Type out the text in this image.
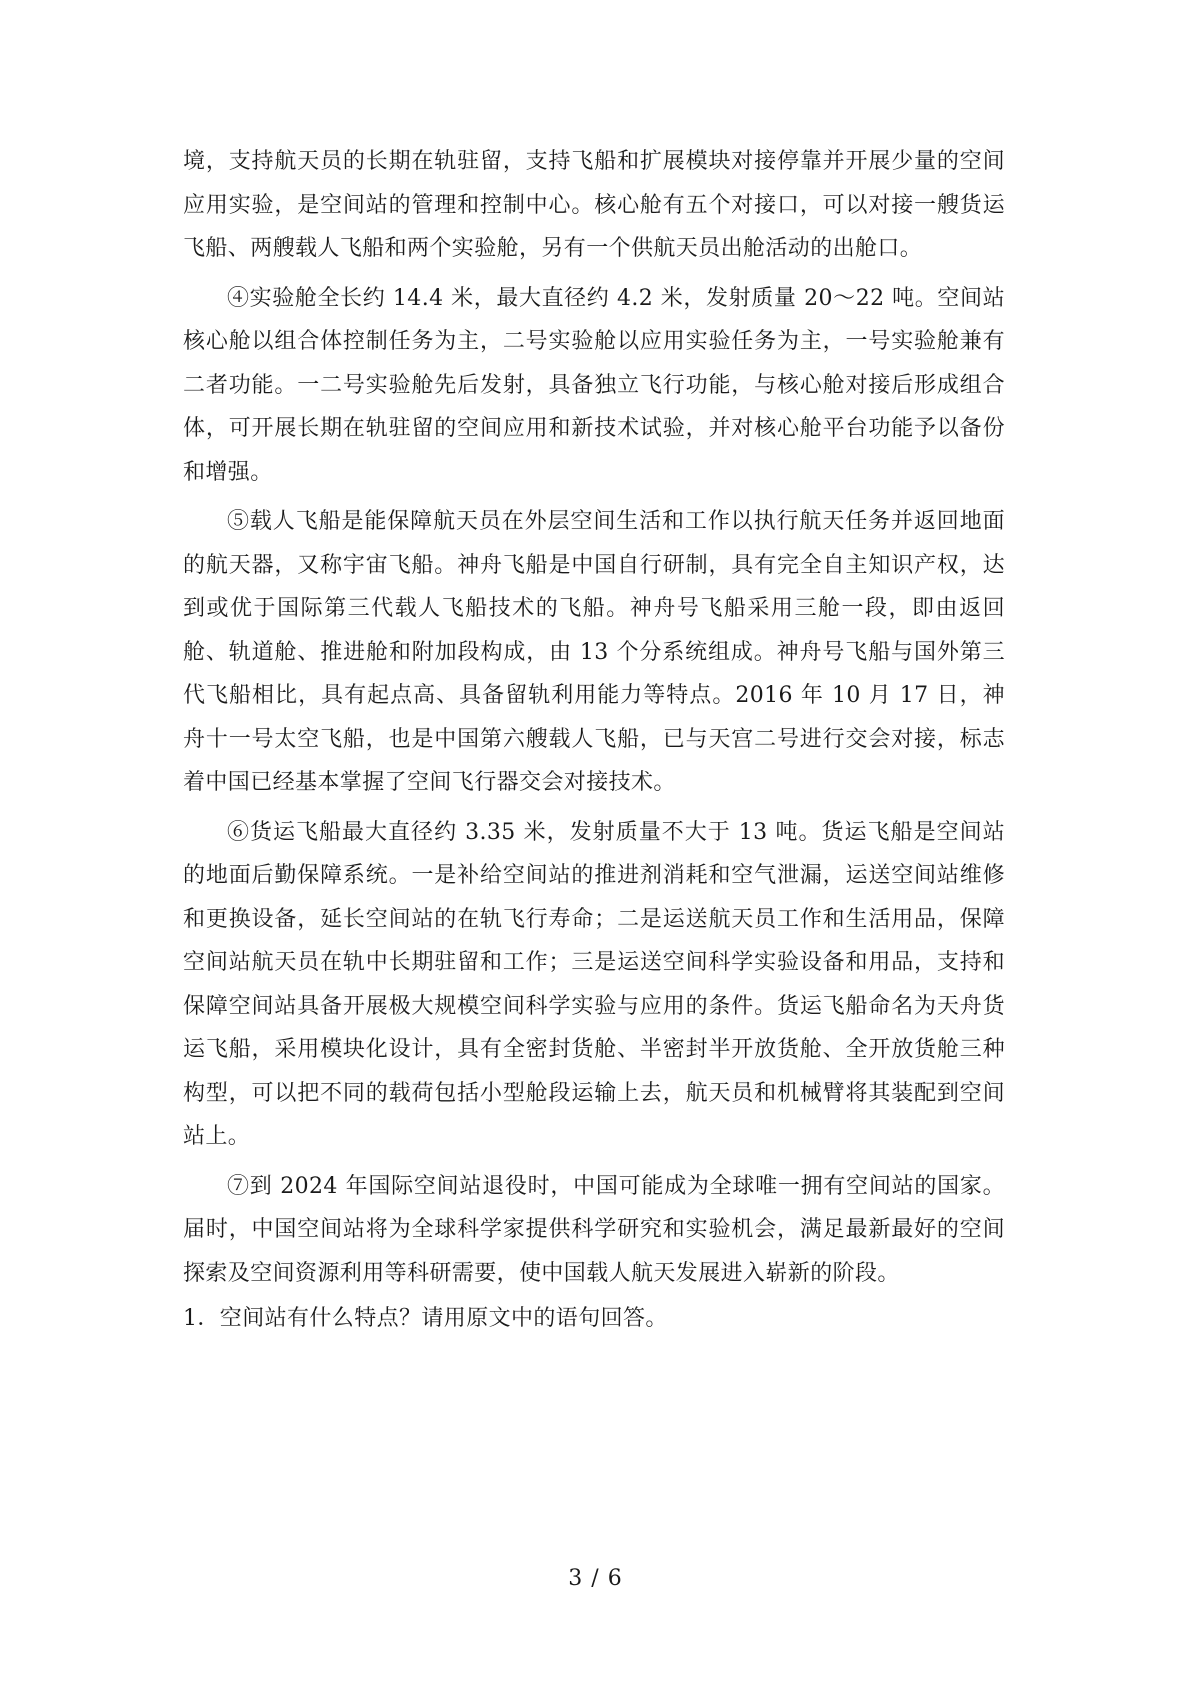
境，支持航天员的长期在轨驻留，支持飞船和扩展模块对接停靠并开展少量的空间应用实验，是空间站的管理和控制中心。核心舱有五个对接口，可以对接一艘货运飞船、两艘载人飞船和两个实验舱，另有一个供航天员出舱活动的出舱口。

④实验舱全长约 14.4 米，最大直径约 4.2 米，发射质量 20～22 吨。空间站核心舱以组合体控制任务为主，二号实验舱以应用实验任务为主，一号实验舱兼有二者功能。一二号实验舱先后发射，具备独立飞行功能，与核心舱对接后形成组合体，可开展长期在轨驻留的空间应用和新技术试验，并对核心舱平台功能予以备份和增强。

⑤载人飞船是能保障航天员在外层空间生活和工作以执行航天任务并返回地面的航天器，又称宇宙飞船。神舟飞船是中国自行研制，具有完全自主知识产权，达到或优于国际第三代载人飞船技术的飞船。神舟号飞船采用三舱一段，即由返回舱、轨道舱、推进舱和附加段构成，由 13 个分系统组成。神舟号飞船与国外第三代飞船相比，具有起点高、具备留轨利用能力等特点。2016 年 10 月 17 日，神舟十一号太空飞船，也是中国第六艘载人飞船，已与天宫二号进行交会对接，标志着中国已经基本掌握了空间飞行器交会对接技术。

⑥货运飞船最大直径约 3.35 米，发射质量不大于 13 吨。货运飞船是空间站的地面后勤保障系统。一是补给空间站的推进剂消耗和空气泄漏，运送空间站维修和更换设备，延长空间站的在轨飞行寿命；二是运送航天员工作和生活用品，保障空间站航天员在轨中长期驻留和工作；三是运送空间科学实验设备和用品，支持和保障空间站具备开展极大规模空间科学实验与应用的条件。货运飞船命名为天舟货运飞船，采用模块化设计，具有全密封货舱、半密封半开放货舱、全开放货舱三种构型，可以把不同的载荷包括小型舱段运输上去，航天员和机械臂将其装配到空间站上。

⑦到 2024 年国际空间站退役时，中国可能成为全球唯一拥有空间站的国家。届时，中国空间站将为全球科学家提供科学研究和实验机会，满足最新最好的空间探索及空间资源利用等科研需要，使中国载人航天发展进入崭新的阶段。

1．空间站有什么特点？请用原文中的语句回答。

3 / 6
